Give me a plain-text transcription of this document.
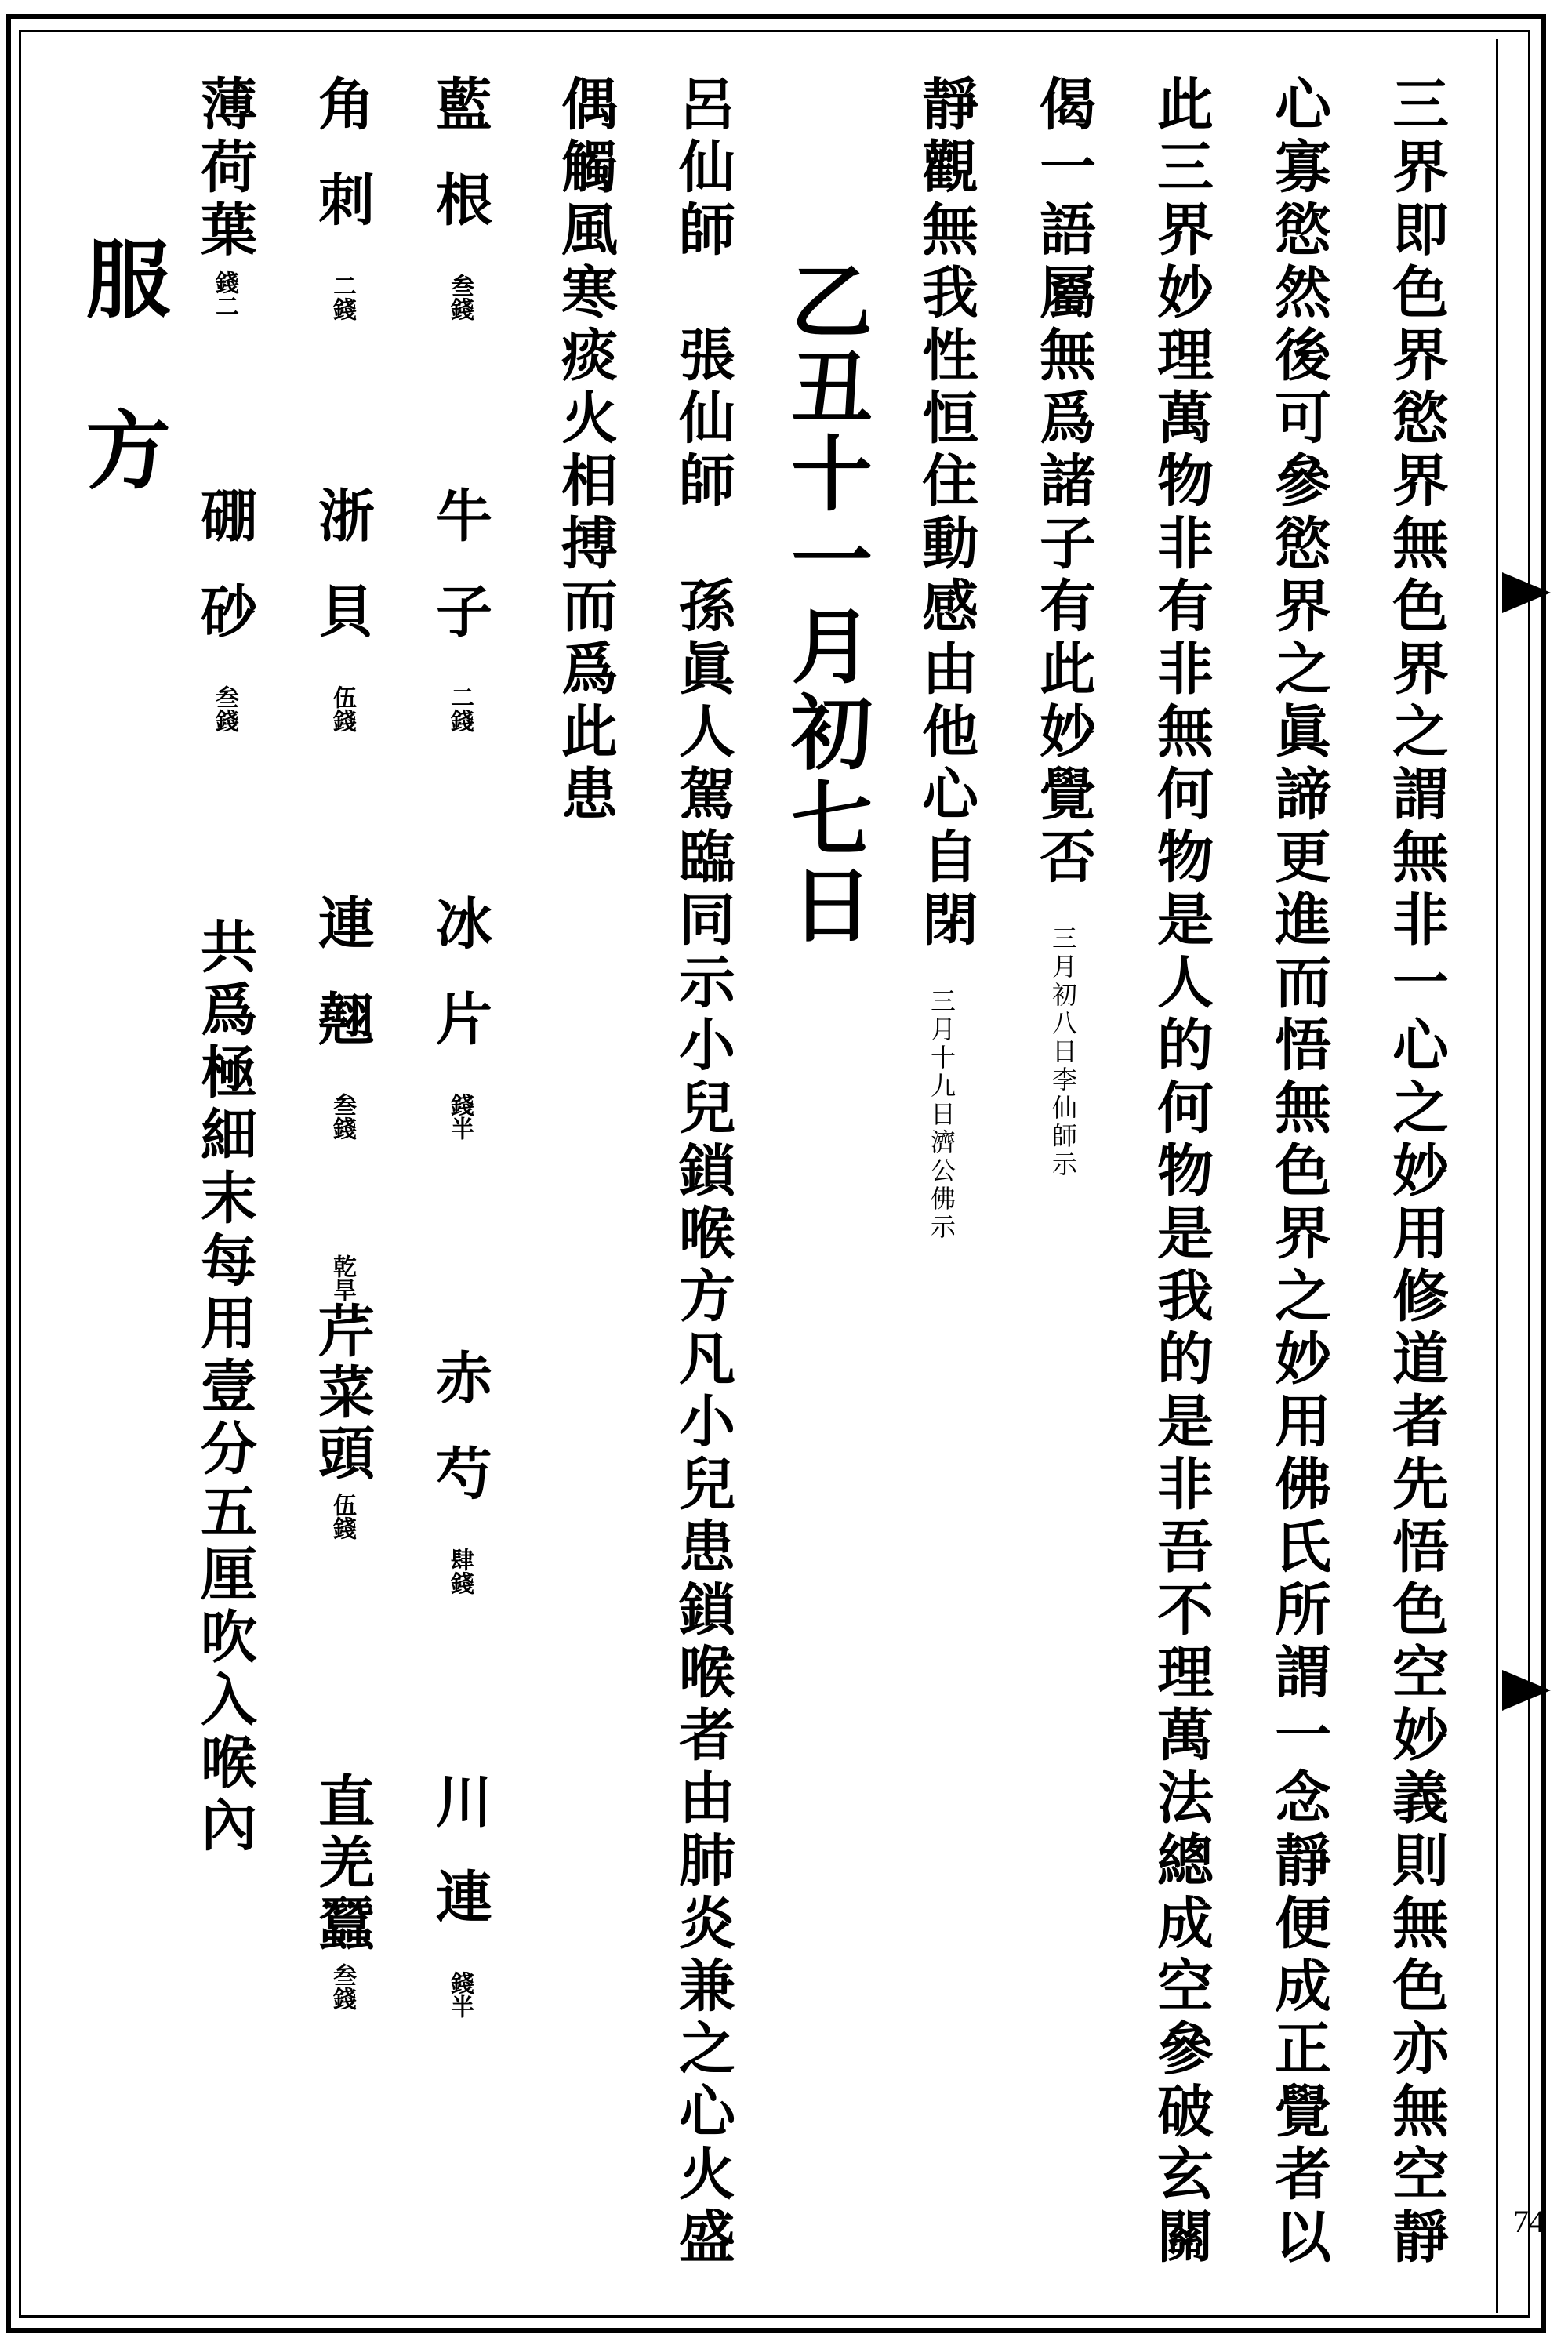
74
三界即色界慾界無色界之謂無非一心之妙用修道者先悟色空妙義則無色亦無空靜
心寡慾然後可參慾界之眞諦更進而悟無色界之妙用佛氏所謂一念靜便成正覺者以
此三界妙理萬物非有非無何物是人的何物是我的是非吾不理萬法總成空參破玄關
偈一語屬無爲諸子有此妙覺否
三月初八日李仙師示
靜觀無我性恒住動感由他心自閉
三月十九日濟公佛示
乙丑十一月初七日
呂仙師　張仙師　孫眞人駕臨同示小兒鎖喉方凡小兒患鎖喉者由肺炎兼之心火盛
偶觸風寒痰火相搏而爲此患
藍根叁錢
牛子二錢
冰片錢半
赤芍肆錢
川連錢半
角刺二錢
浙貝伍錢
連翹叁錢
乾旱芹菜頭伍錢
直羌蠶叁錢
薄荷葉錢二
硼砂叁錢
共爲極細末每用壹分五厘吹入喉內
服方
